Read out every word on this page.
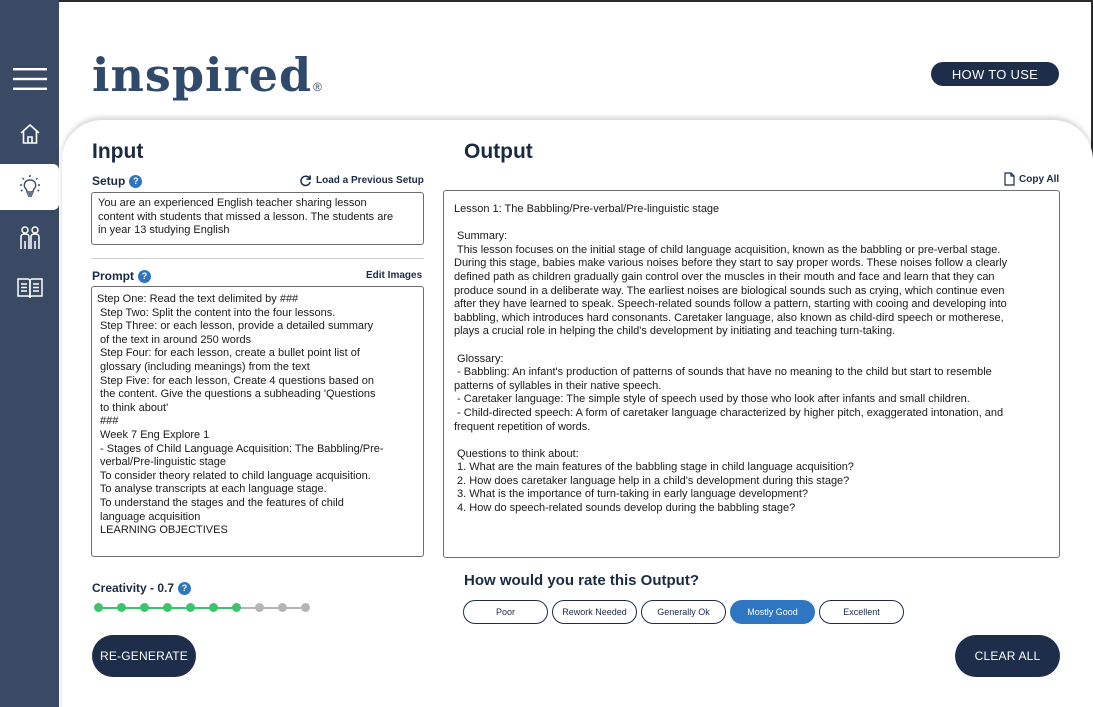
inspired®
HOW TO USE
Input
Setup ?	Load a Previous Setup
You are an experienced English teacher sharing lesson
content with students that missed a lesson. The students are
in year 13 studying English
Prompt ?	Edit Images
Step One: Read the text delimited by ###
Step Two: Split the content into the four lessons.
Step Three: or each lesson, provide a detailed summary
of the text in around 250 words
Step Four: for each lesson, create a bullet point list of
glossary (including meanings) from the text
Step Five: for each lesson, Create 4 questions based on
the content. Give the questions a subheading 'Questions
to think about'
###
Week 7 Eng Explore 1
- Stages of Child Language Acquisition: The Babbling/Pre-
verbal/Pre-linguistic stage
To consider theory related to child language acquisition.
To analyse transcripts at each language stage.
To understand the stages and the features of child
language acquisition
LEARNING OBJECTIVES
Creativity - 0.7 ?
RE-GENERATE
Output
Copy All
Lesson 1: The Babbling/Pre-verbal/Pre-linguistic stage

Summary:
This lesson focuses on the initial stage of child language acquisition, known as the babbling or pre-verbal stage.
During this stage, babies make various noises before they start to say proper words. These noises follow a clearly
defined path as children gradually gain control over the muscles in their mouth and face and learn that they can
produce sound in a deliberate way. The earliest noises are biological sounds such as crying, which continue even
after they have learned to speak. Speech-related sounds follow a pattern, starting with cooing and developing into
babbling, which introduces hard consonants. Caretaker language, also known as child-dird speech or motherese,
plays a crucial role in helping the child's development by initiating and teaching turn-taking.

Glossary:
- Babbling: An infant's production of patterns of sounds that have no meaning to the child but start to resemble
patterns of syllables in their native speech.
- Caretaker language: The simple style of speech used by those who look after infants and small children.
- Child-directed speech: A form of caretaker language characterized by higher pitch, exaggerated intonation, and
frequent repetition of words.

Questions to think about:
1. What are the main features of the babbling stage in child language acquisition?
2. How does caretaker language help in a child's development during this stage?
3. What is the importance of turn-taking in early language development?
4. How do speech-related sounds develop during the babbling stage?
How would you rate this Output?
Poor	Rework Needed	Generally Ok	Mostly Good	Excellent
CLEAR ALL
